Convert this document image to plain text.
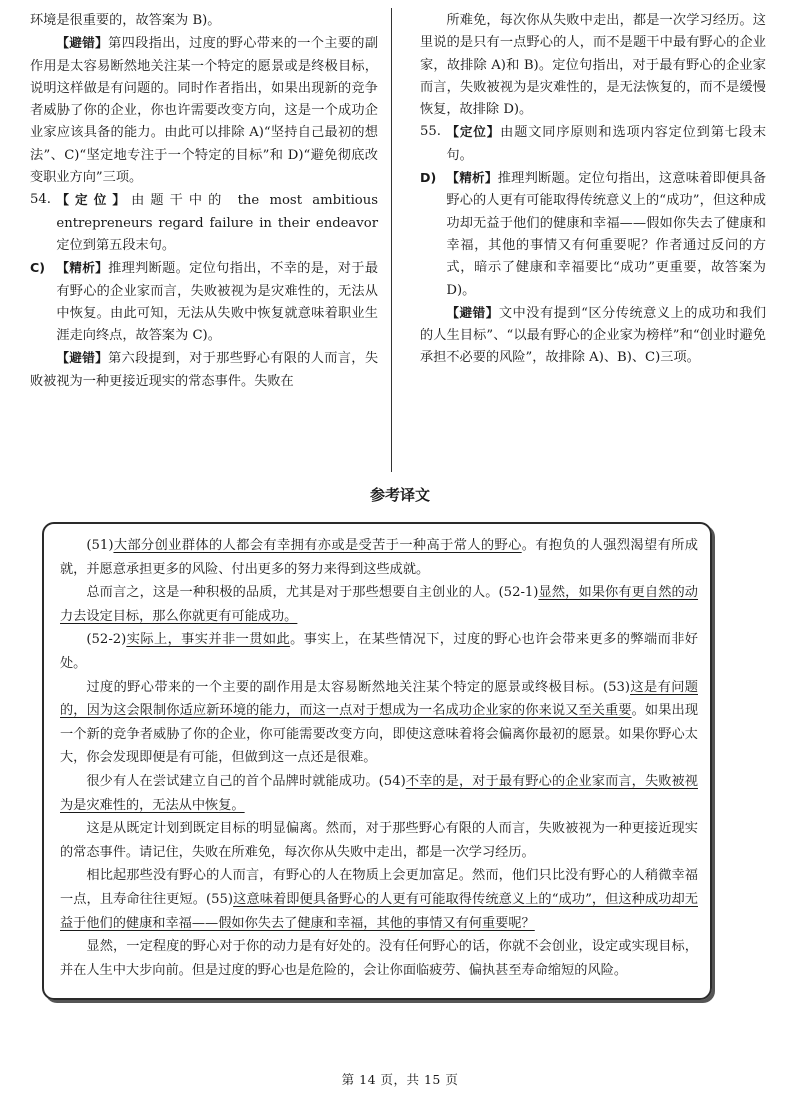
环境是很重要的，故答案为 B)。

【避错】第四段指出，过度的野心带来的一个主要的副作用是太容易断然地关注某一个特定的愿景或是终极目标，说明这样做是有问题的。同时作者指出，如果出现新的竞争者威胁了你的企业，你也许需要改变方向，这是一个成功企业家应该具备的能力。由此可以排除 A)“坚持自己最初的想法”、C)“坚定地专注于一个特定的目标”和 D)“避免彻底改变职业方向”三项。

54. 【定位】由题干中的 the most ambitious entrepreneurs regard failure in their endeavor 定位到第五段末句。

C) 【精析】推理判断题。定位句指出，不幸的是，对于最有野心的企业家而言，失败被视为是灾难性的，无法从中恢复。由此可知，无法从失败中恢复就意味着职业生涯走向终点，故答案为 C)。

【避错】第六段提到，对于那些野心有限的人而言，失败被视为一种更接近现实的常态事件。失败在

所难免，每次你从失败中走出，都是一次学习经历。这里说的是只有一点野心的人，而不是题干中最有野心的企业家，故排除 A)和 B)。定位句指出，对于最有野心的企业家而言，失败被视为是灾难性的，是无法恢复的，而不是缓慢恢复，故排除 D)。

55. 【定位】由题文同序原则和选项内容定位到第七段末句。

D) 【精析】推理判断题。定位句指出，这意味着即便具备野心的人更有可能取得传统意义上的“成功”，但这种成功却无益于他们的健康和幸福——假如你失去了健康和幸福，其他的事情又有何重要呢？作者通过反问的方式，暗示了健康和幸福要比“成功”更重要，故答案为 D)。

【避错】文中没有提到“区分传统意义上的成功和我们的人生目标”、“以最有野心的企业家为榜样”和“创业时避免承担不必要的风险”，故排除 A)、B)、C)三项。

参考译文

(51)大部分创业群体的人都会有幸拥有亦或是受苦于一种高于常人的野心。有抱负的人强烈渴望有所成就，并愿意承担更多的风险、付出更多的努力来得到这些成就。

总而言之，这是一种积极的品质，尤其是对于那些想要自主创业的人。(52-1)显然，如果你有更自然的动力去设定目标，那么你就更有可能成功。

(52-2)实际上，事实并非一贯如此。事实上，在某些情况下，过度的野心也许会带来更多的弊端而非好处。

过度的野心带来的一个主要的副作用是太容易断然地关注某个特定的愿景或终极目标。(53)这是有问题的，因为这会限制你适应新环境的能力，而这一点对于想成为一名成功企业家的你来说又至关重要。如果出现一个新的竞争者威胁了你的企业，你可能需要改变方向，即使这意味着将会偏离你最初的愿景。如果你野心太大，你会发现即便是有可能，但做到这一点还是很难。

很少有人在尝试建立自己的首个品牌时就能成功。(54)不幸的是，对于最有野心的企业家而言，失败被视为是灾难性的，无法从中恢复。

这是从既定计划到既定目标的明显偏离。然而，对于那些野心有限的人而言，失败被视为一种更接近现实的常态事件。请记住，失败在所难免，每次你从失败中走出，都是一次学习经历。

相比起那些没有野心的人而言，有野心的人在物质上会更加富足。然而，他们只比没有野心的人稍微幸福一点，且寿命往往更短。(55)这意味着即便具备野心的人更有可能取得传统意义上的“成功”，但这种成功却无益于他们的健康和幸福——假如你失去了健康和幸福，其他的事情又有何重要呢？

显然，一定程度的野心对于你的动力是有好处的。没有任何野心的话，你就不会创业，设定或实现目标，并在人生中大步向前。但是过度的野心也是危险的，会让你面临疲劳、偏执甚至寿命缩短的风险。

第 14 页，共 15 页
